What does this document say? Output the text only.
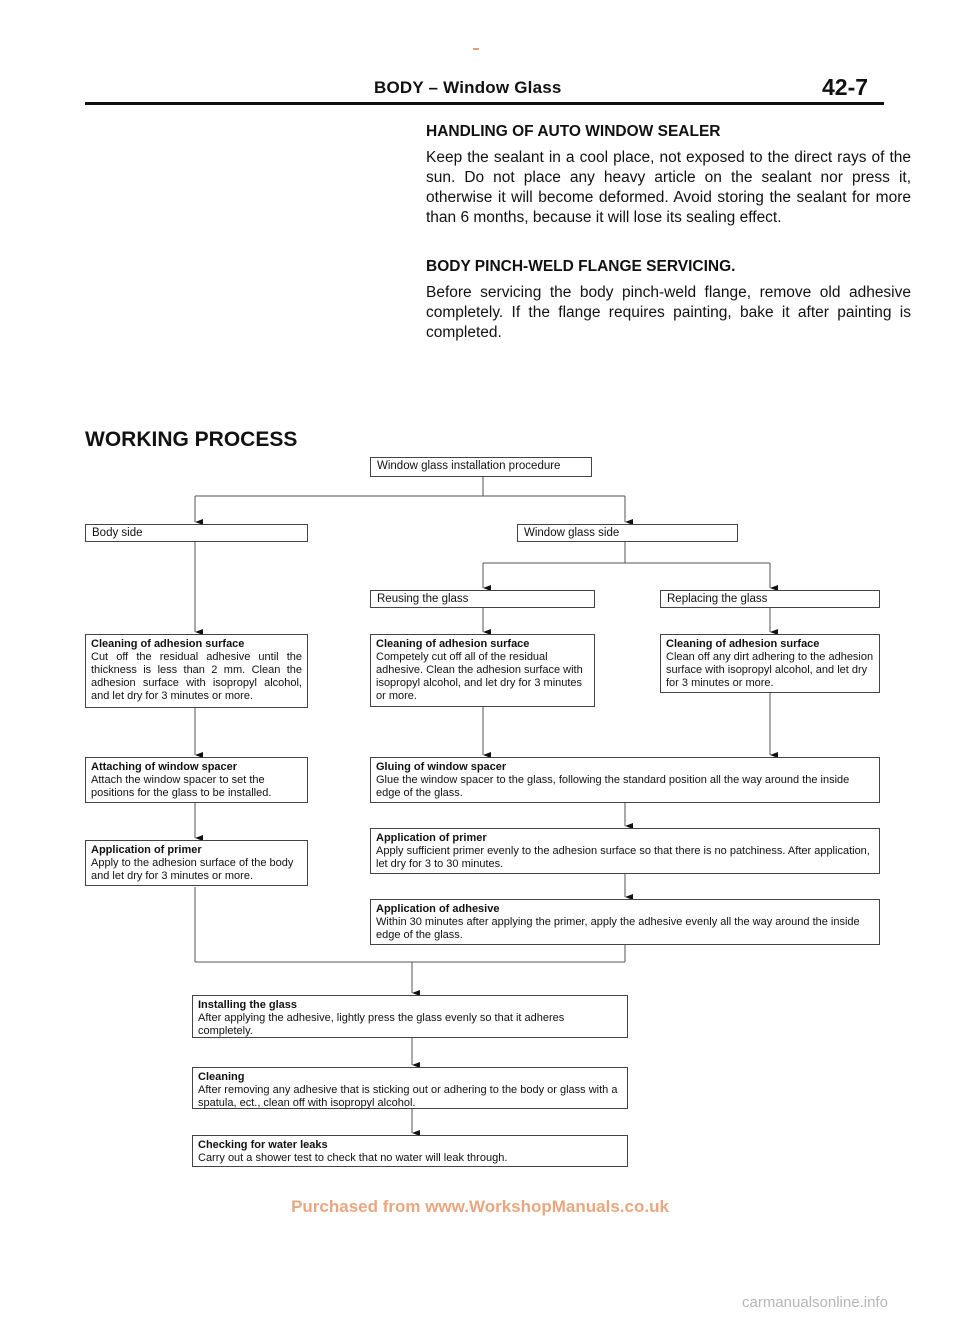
BODY – Window Glass	42-7
HANDLING OF AUTO WINDOW SEALER
Keep the sealant in a cool place, not exposed to the direct rays of the sun. Do not place any heavy article on the sealant nor press it, otherwise it will become deformed. Avoid storing the sealant for more than 6 months, because it will lose its sealing effect.
BODY PINCH-WELD FLANGE SERVICING.
Before servicing the body pinch-weld flange, remove old adhesive completely. If the flange requires painting, bake it after painting is completed.
WORKING PROCESS
Window glass installation procedure
Body side
Cleaning of adhesion surface
Cut off the residual adhesive until the thickness is less than 2 mm. Clean the adhesion surface with isopropyl alcohol, and let dry for 3 minutes or more.
Attaching of window spacer
Attach the window spacer to set the positions for the glass to be installed.
Application of primer
Apply to the adhesion surface of the body and let dry for 3 minutes or more.
Window glass side
Reusing the glass	Replacing the glass
Cleaning of adhesion surface
Competely cut off all of the residual adhesive. Clean the adhesion surface with isopropyl alcohol, and let dry for 3 minutes or more.
Cleaning of adhesion surface
Clean off any dirt adhering to the adhesion surface with isopropyl alcohol, and let dry for 3 minutes or more.
Gluing of window spacer
Glue the window spacer to the glass, following the standard position all the way around the inside edge of the glass.
Application of primer
Apply sufficient primer evenly to the adhesion surface so that there is no patchiness. After application, let dry for 3 to 30 minutes.
Application of adhesive
Within 30 minutes after applying the primer, apply the adhesive evenly all the way around the inside edge of the glass.
Installing the glass
After applying the adhesive, lightly press the glass evenly so that it adheres completely.
Cleaning
After removing any adhesive that is sticking out or adhering to the body or glass with a spatula, ect., clean off with isopropyl alcohol.
Checking for water leaks
Carry out a shower test to check that no water will leak through.
Purchased from www.WorkshopManuals.co.uk
carmanualsonline.info
